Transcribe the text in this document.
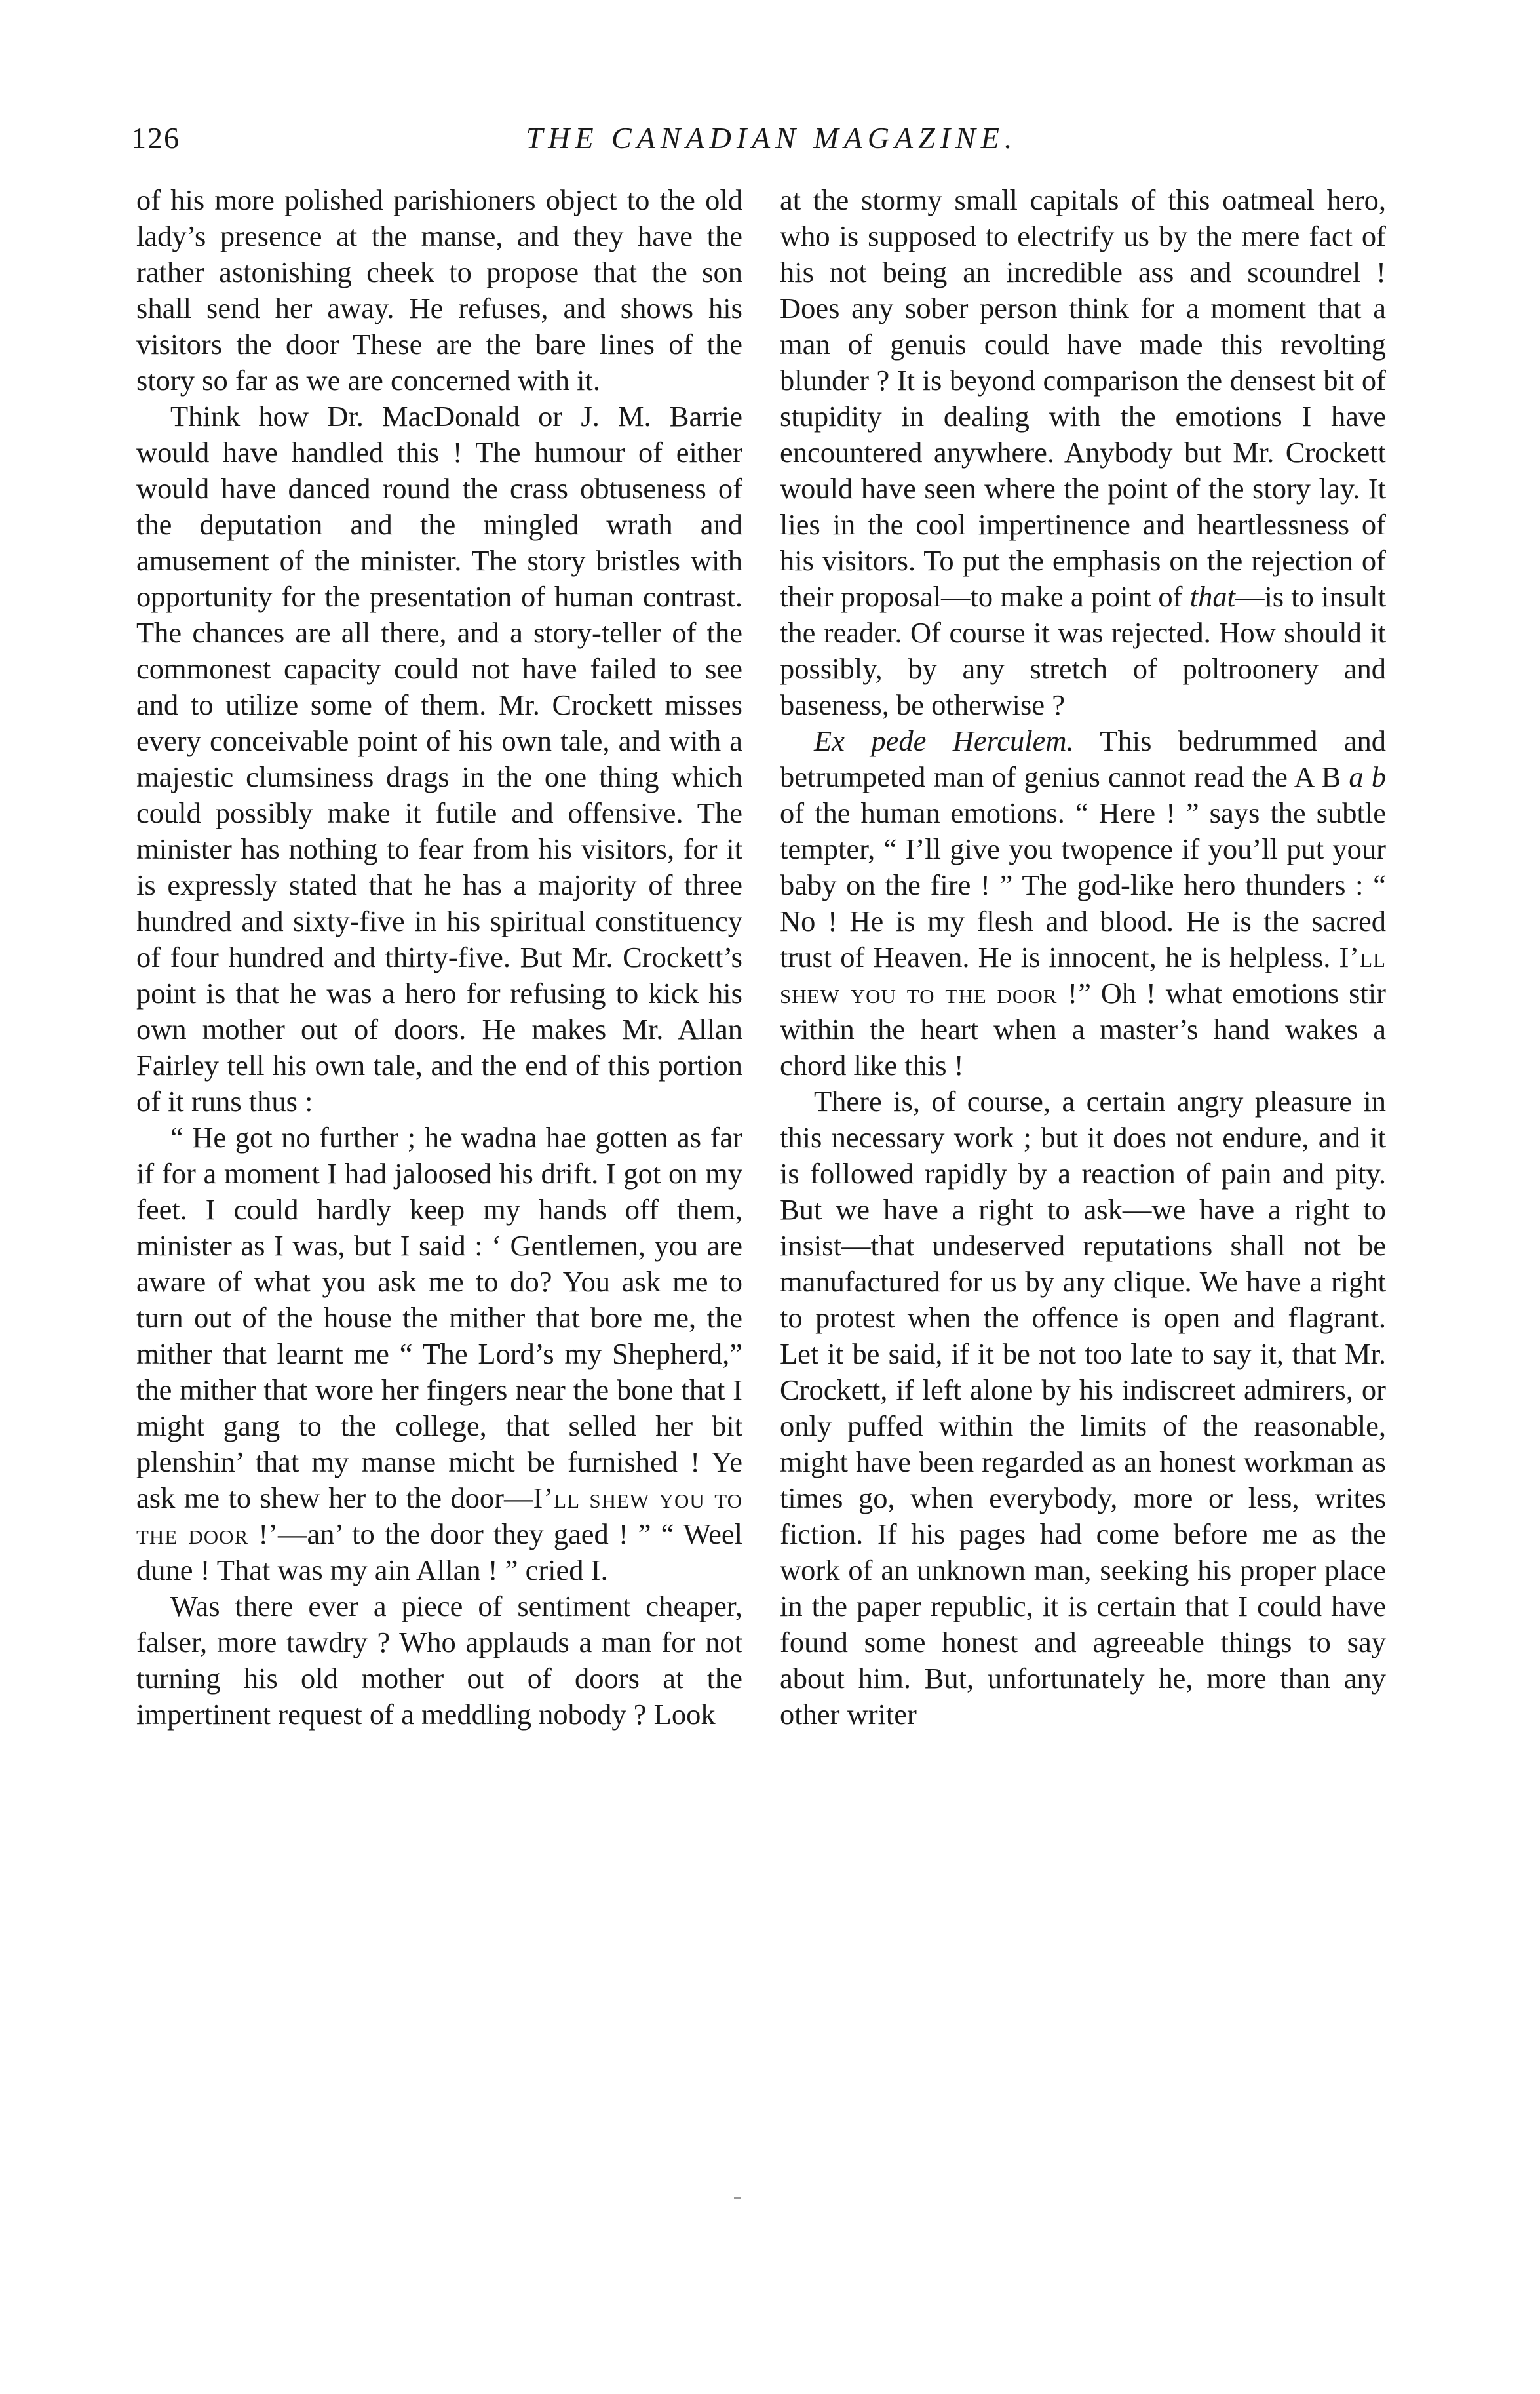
126	THE CANADIAN MAGAZINE.

of his more polished parishioners object to the old lady’s presence at the manse, and they have the rather astonishing cheek to propose that the son shall send her away. He refuses, and shows his visitors the door These are the bare lines of the story so far as we are concerned with it.

Think how Dr. MacDonald or J. M. Barrie would have handled this ! The humour of either would have danced round the crass obtuseness of the deputation and the mingled wrath and amusement of the minister. The story bristles with opportunity for the presentation of human contrast. The chances are all there, and a story-teller of the commonest capacity could not have failed to see and to utilize some of them. Mr. Crockett misses every conceivable point of his own tale, and with a majestic clumsiness drags in the one thing which could possibly make it futile and offensive. The minister has nothing to fear from his visitors, for it is expressly stated that he has a majority of three hundred and sixty-five in his spiritual constituency of four hundred and thirty-five. But Mr. Crockett’s point is that he was a hero for refusing to kick his own mother out of doors. He makes Mr. Allan Fairley tell his own tale, and the end of this portion of it runs thus :

“ He got no further ; he wadna hae gotten as far if for a moment I had jaloosed his drift. I got on my feet. I could hardly keep my hands off them, minister as I was, but I said : ‘ Gentlemen, you are aware of what you ask me to do? You ask me to turn out of the house the mither that bore me, the mither that learnt me “ The Lord’s my Shepherd,” the mither that wore her fingers near the bone that I might gang to the college, that selled her bit plenshin’ that my manse micht be furnished ! Ye ask me to shew her to the door—I’ll shew you to the door !’—an’ to the door they gaed ! ” “ Weel dune ! That was my ain Allan ! ” cried I.

Was there ever a piece of sentiment cheaper, falser, more tawdry ? Who applauds a man for not turning his old mother out of doors at the impertinent request of a meddling nobody ? Look

at the stormy small capitals of this oatmeal hero, who is supposed to electrify us by the mere fact of his not being an incredible ass and scoundrel ! Does any sober person think for a moment that a man of genuis could have made this revolting blunder ? It is beyond comparison the densest bit of stupidity in dealing with the emotions I have encountered anywhere. Anybody but Mr. Crockett would have seen where the point of the story lay. It lies in the cool impertinence and heartlessness of his visitors. To put the emphasis on the rejection of their proposal—to make a point of that—is to insult the reader. Of course it was rejected. How should it possibly, by any stretch of poltroonery and baseness, be otherwise ?

Ex pede Herculem. This bedrummed and betrumpeted man of genius cannot read the A B a b of the human emotions. “ Here ! ” says the subtle tempter, “ I’ll give you twopence if you’ll put your baby on the fire ! ” The god-like hero thunders : “ No ! He is my flesh and blood. He is the sacred trust of Heaven. He is innocent, he is helpless. I’ll shew you to the door !” Oh ! what emotions stir within the heart when a master’s hand wakes a chord like this !

There is, of course, a certain angry pleasure in this necessary work ; but it does not endure, and it is followed rapidly by a reaction of pain and pity. But we have a right to ask—we have a right to insist—that undeserved reputations shall not be manufactured for us by any clique. We have a right to protest when the offence is open and flagrant. Let it be said, if it be not too late to say it, that Mr. Crockett, if left alone by his indiscreet admirers, or only puffed within the limits of the reasonable, might have been regarded as an honest workman as times go, when everybody, more or less, writes fiction. If his pages had come before me as the work of an unknown man, seeking his proper place in the paper republic, it is certain that I could have found some honest and agreeable things to say about him. But, unfortunately he, more than any other writer
